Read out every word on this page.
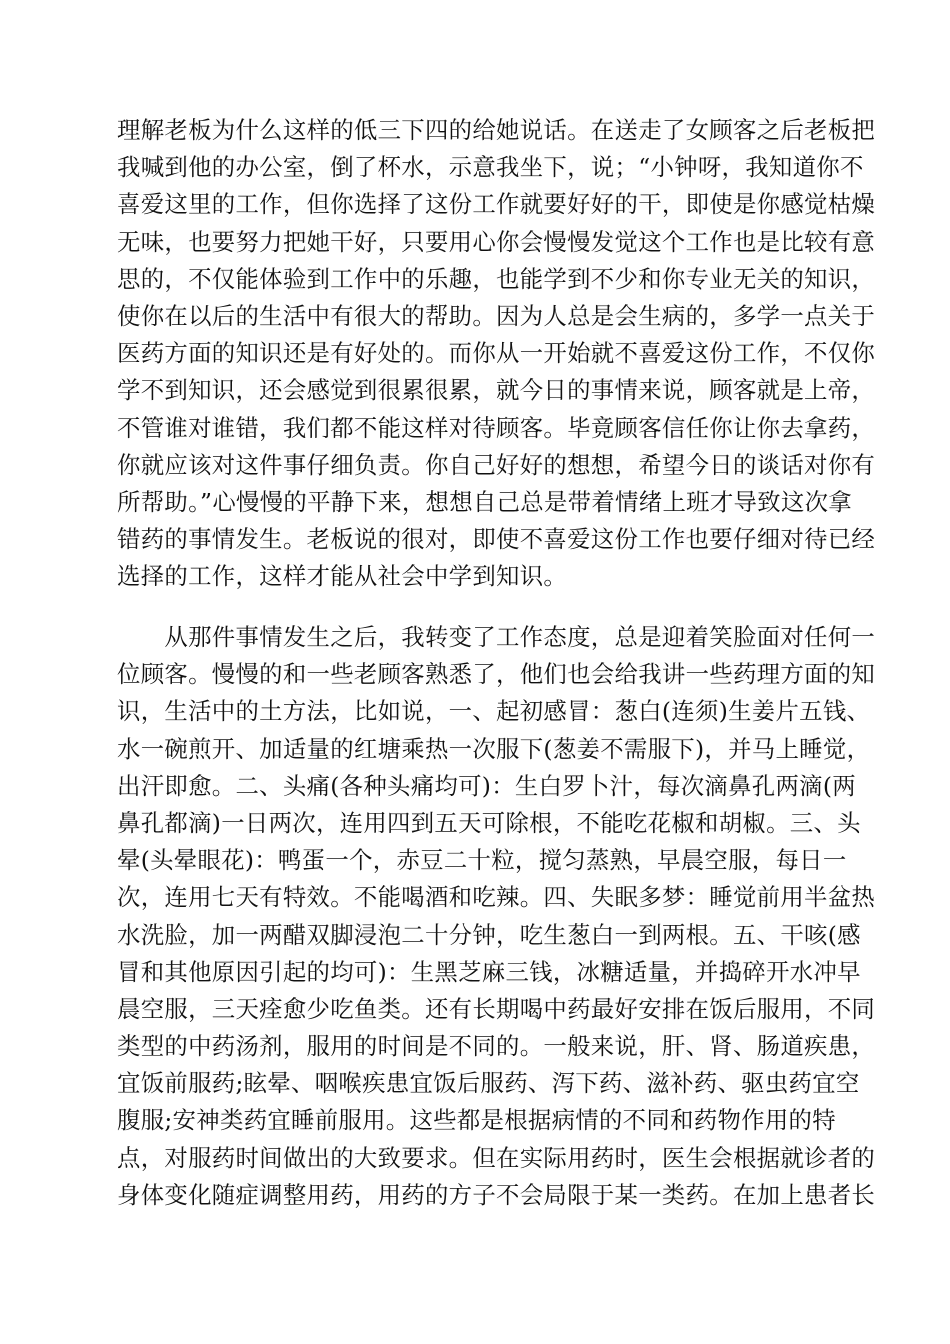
理解老板为什么这样的低三下四的给她说话。在送走了女顾客之后老板把
我喊到他的办公室，倒了杯水，示意我坐下，说；“小钟呀，我知道你不
喜爱这里的工作，但你选择了这份工作就要好好的干，即使是你感觉枯燥
无味，也要努力把她干好，只要用心你会慢慢发觉这个工作也是比较有意
思的，不仅能体验到工作中的乐趣，也能学到不少和你专业无关的知识，
使你在以后的生活中有很大的帮助。因为人总是会生病的，多学一点关于
医药方面的知识还是有好处的。而你从一开始就不喜爱这份工作，不仅你
学不到知识，还会感觉到很累很累，就今日的事情来说，顾客就是上帝，
不管谁对谁错，我们都不能这样对待顾客。毕竟顾客信任你让你去拿药，
你就应该对这件事仔细负责。你自己好好的想想，希望今日的谈话对你有
所帮助。”心慢慢的平静下来，想想自己总是带着情绪上班才导致这次拿
错药的事情发生。老板说的很对，即使不喜爱这份工作也要仔细对待已经
选择的工作，这样才能从社会中学到知识。
　　从那件事情发生之后，我转变了工作态度，总是迎着笑脸面对任何一
位顾客。慢慢的和一些老顾客熟悉了，他们也会给我讲一些药理方面的知
识，生活中的土方法，比如说，一、起初感冒：葱白(连须)生姜片五钱、
水一碗煎开、加适量的红塘乘热一次服下(葱姜不需服下)，并马上睡觉，
出汗即愈。二、头痛(各种头痛均可)：生白罗卜汁，每次滴鼻孔两滴(两
鼻孔都滴)一日两次，连用四到五天可除根，不能吃花椒和胡椒。三、头
晕(头晕眼花)：鸭蛋一个，赤豆二十粒，搅匀蒸熟，早晨空服，每日一
次，连用七天有特效。不能喝酒和吃辣。四、失眠多梦：睡觉前用半盆热
水洗脸，加一两醋双脚浸泡二十分钟，吃生葱白一到两根。五、干咳(感
冒和其他原因引起的均可)：生黑芝麻三钱，冰糖适量，并捣碎开水冲早
晨空服，三天痊愈少吃鱼类。还有长期喝中药最好安排在饭后服用，不同
类型的中药汤剂，服用的时间是不同的。一般来说，肝、肾、肠道疾患，
宜饭前服药;眩晕、咽喉疾患宜饭后服药、泻下药、滋补药、驱虫药宜空
腹服;安神类药宜睡前服用。这些都是根据病情的不同和药物作用的特
点，对服药时间做出的大致要求。但在实际用药时，医生会根据就诊者的
身体变化随症调整用药，用药的方子不会局限于某一类药。在加上患者长
